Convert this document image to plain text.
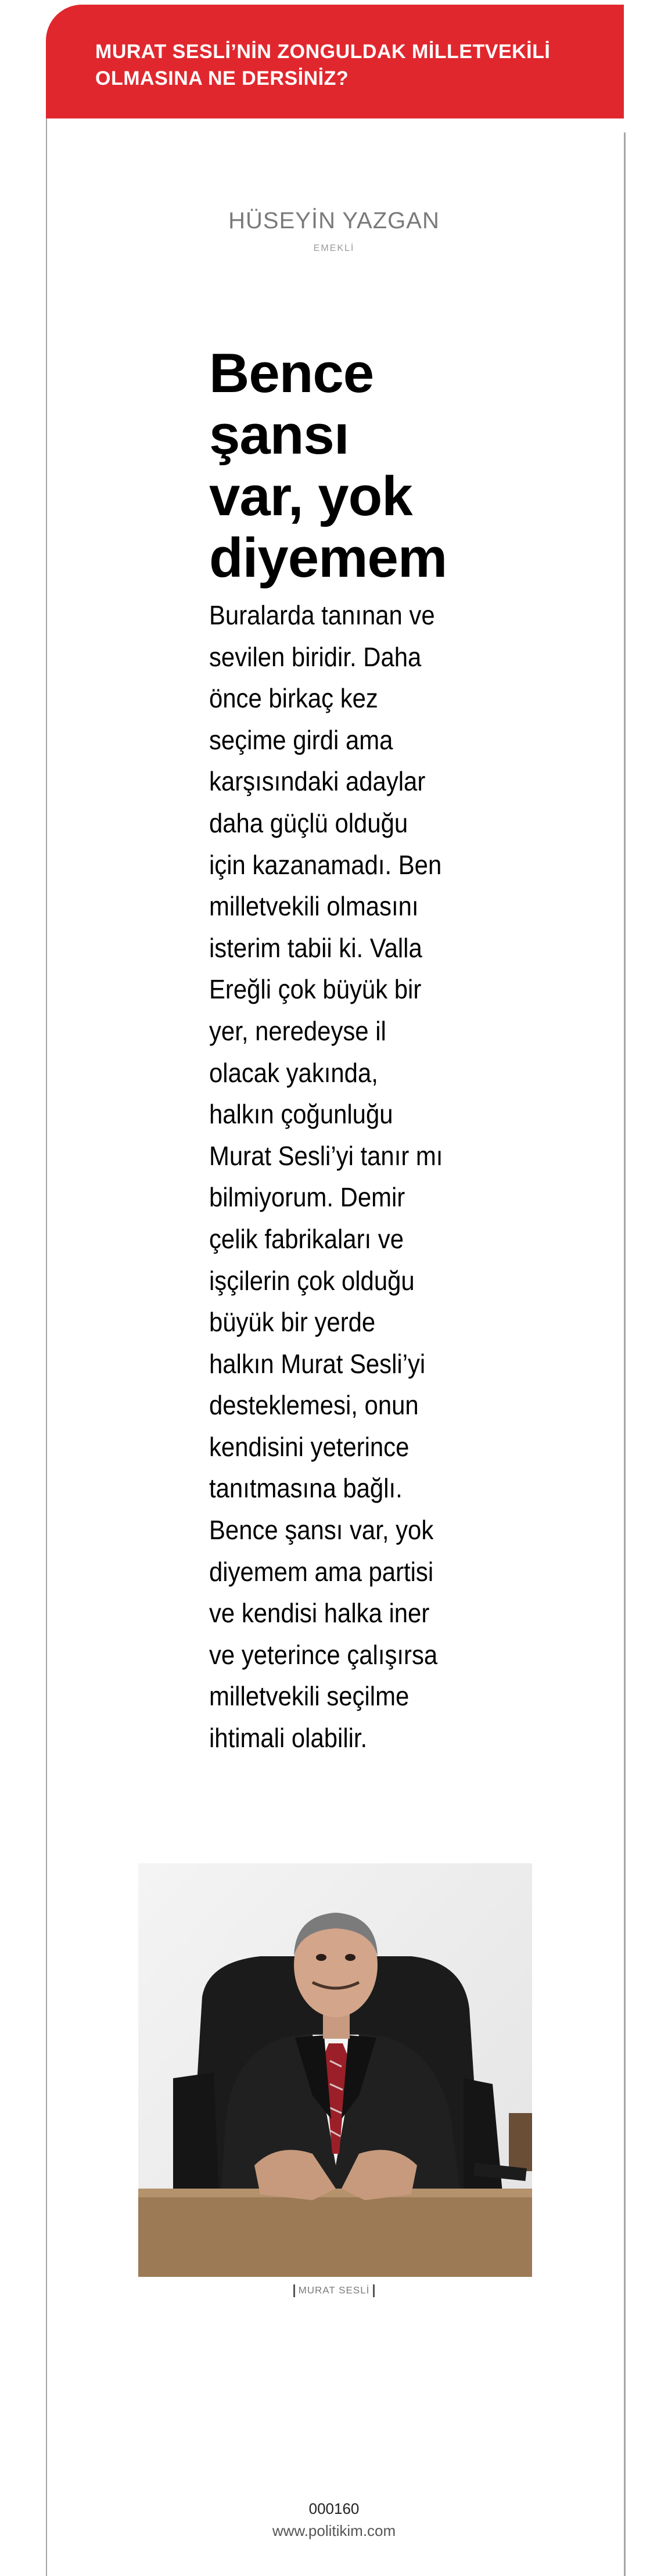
MURAT SESLİ’NİN ZONGULDAK MİLLETVEKİLİ OLMASINA NE DERSİNİZ?

HÜSEYİN YAZGAN

EMEKLİ

Bence şansı var, yok diyemem

Buralarda tanınan ve sevilen biridir. Daha önce birkaç kez seçime girdi ama karşısındaki adaylar daha güçlü olduğu için kazanamadı. Ben milletvekili olmasını isterim tabii ki. Valla Ereğli çok büyük bir yer, neredeyse il olacak yakında, halkın çoğunluğu Murat Sesli’yi tanır mı bilmiyorum. Demir çelik fabrikaları ve işçilerin çok olduğu büyük bir yerde halkın Murat Sesli’yi desteklemesi, onun kendisini yeterince tanıtmasına bağlı. Bence şansı var, yok diyemem ama partisi ve kendisi halka iner ve yeterince çalışırsa milletvekili seçilme ihtimali olabilir.

MURAT SESLİ

000160

www.politikim.com
